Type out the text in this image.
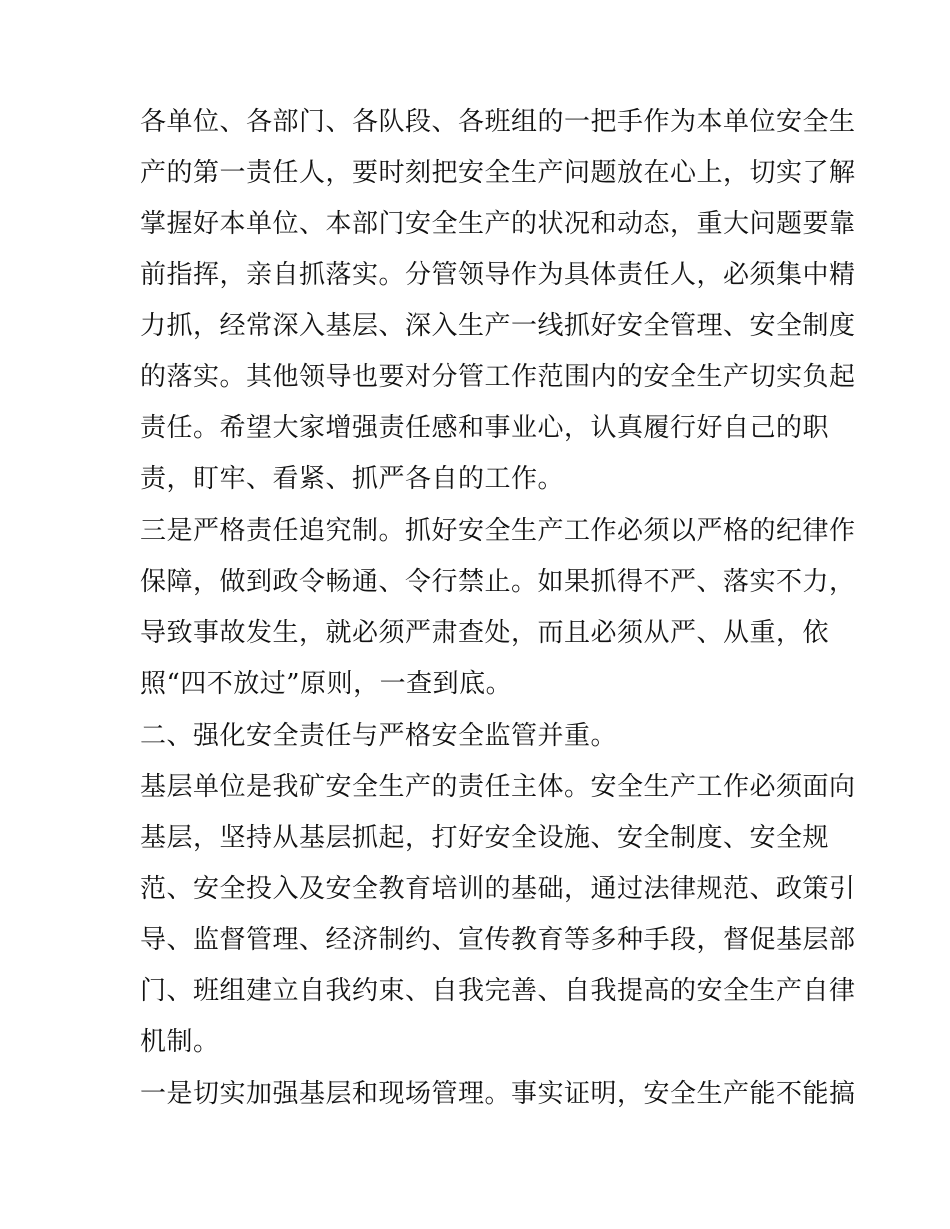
各单位、各部门、各队段、各班组的一把手作为本单位安全生
产的第一责任人，要时刻把安全生产问题放在心上，切实了解
掌握好本单位、本部门安全生产的状况和动态，重大问题要靠
前指挥，亲自抓落实。分管领导作为具体责任人，必须集中精
力抓，经常深入基层、深入生产一线抓好安全管理、安全制度
的落实。其他领导也要对分管工作范围内的安全生产切实负起
责任。希望大家增强责任感和事业心，认真履行好自己的职
责，盯牢、看紧、抓严各自的工作。
三是严格责任追究制。抓好安全生产工作必须以严格的纪律作
保障，做到政令畅通、令行禁止。如果抓得不严、落实不力，
导致事故发生，就必须严肃查处，而且必须从严、从重，依
照“四不放过”原则，一查到底。
二、强化安全责任与严格安全监管并重。
基层单位是我矿安全生产的责任主体。安全生产工作必须面向
基层，坚持从基层抓起，打好安全设施、安全制度、安全规
范、安全投入及安全教育培训的基础，通过法律规范、政策引
导、监督管理、经济制约、宣传教育等多种手段，督促基层部
门、班组建立自我约束、自我完善、自我提高的安全生产自律
机制。
一是切实加强基层和现场管理。事实证明，安全生产能不能搞
